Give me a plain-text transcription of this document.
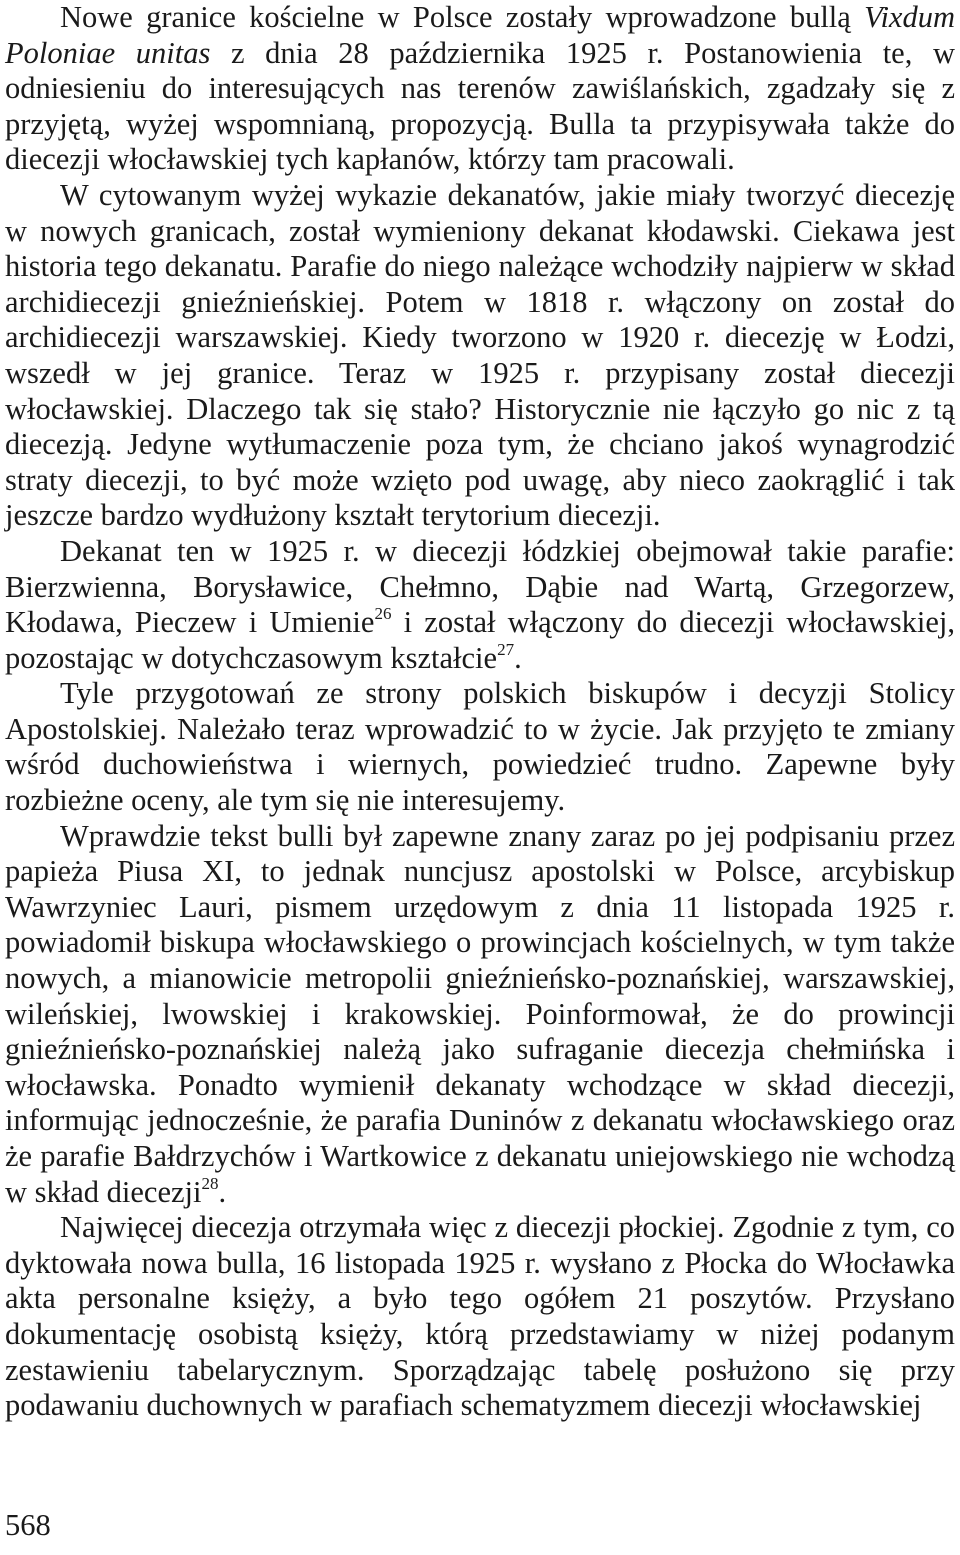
Nowe granice kościelne w Polsce zostały wprowadzone bullą Vixdum Poloniae unitas z dnia 28 października 1925 r. Postanowienia te, w odniesieniu do interesujących nas terenów zawiślańskich, zgadzały się z przyjętą, wyżej wspomnianą, propozycją. Bulla ta przypisywała także do diecezji włocławskiej tych kapłanów, którzy tam pracowali.

W cytowanym wyżej wykazie dekanatów, jakie miały tworzyć diecezję w nowych granicach, został wymieniony dekanat kłodawski. Ciekawa jest historia tego dekanatu. Parafie do niego należące wchodziły najpierw w skład archidiecezji gnieźnieńskiej. Potem w 1818 r. włączony on został do archidiecezji warszawskiej. Kiedy tworzono w 1920 r. diecezję w Łodzi, wszedł w jej granice. Teraz w 1925 r. przypisany został diecezji włocławskiej. Dlaczego tak się stało? Historycznie nie łączyło go nic z tą diecezją. Jedyne wytłumaczenie poza tym, że chciano jakoś wynagrodzić straty diecezji, to być może wzięto pod uwagę, aby nieco zaokrąglić i tak jeszcze bardzo wydłużony kształt terytorium diecezji.

Dekanat ten w 1925 r. w diecezji łódzkiej obejmował takie parafie: Bierzwienna, Borysławice, Chełmno, Dąbie nad Wartą, Grzegorzew, Kłodawa, Pieczew i Umienie$^{26}$ i został włączony do diecezji włocławskiej, pozostając w dotychczasowym kształcie$^{27}$.

Tyle przygotowań ze strony polskich biskupów i decyzji Stolicy Apostolskiej. Należało teraz wprowadzić to w życie. Jak przyjęto te zmiany wśród duchowieństwa i wiernych, powiedzieć trudno. Zapewne były rozbieżne oceny, ale tym się nie interesujemy.

Wprawdzie tekst bulli był zapewne znany zaraz po jej podpisaniu przez papieża Piusa XI, to jednak nuncjusz apostolski w Polsce, arcybiskup Wawrzyniec Lauri, pismem urzędowym z dnia 11 listopada 1925 r. powiadomił biskupa włocławskiego o prowincjach kościelnych, w tym także nowych, a mianowicie metropolii gnieźnieńsko-poznańskiej, warszawskiej, wileńskiej, lwowskiej i krakowskiej. Poinformował, że do prowincji gnieźnieńsko-poznańskiej należą jako sufraganie diecezja chełmińska i włocławska. Ponadto wymienił dekanaty wchodzące w skład diecezji, informując jednocześnie, że parafia Duninów z dekanatu włocławskiego oraz że parafie Bałdrzychów i Wartkowice z dekanatu uniejowskiego nie wchodzą w skład diecezji$^{28}$.

Najwięcej diecezja otrzymała więc z diecezji płockiej. Zgodnie z tym, co dyktowała nowa bulla, 16 listopada 1925 r. wysłano z Płocka do Włocławka akta personalne księży, a było tego ogółem 21 poszytów. Przysłano dokumentację osobistą księży, którą przedstawiamy w niżej podanym zestawieniu tabelarycznym. Sporządzając tabelę posłużono się przy podawaniu duchownych w parafiach schematyzmem diecezji włocławskiej

568
